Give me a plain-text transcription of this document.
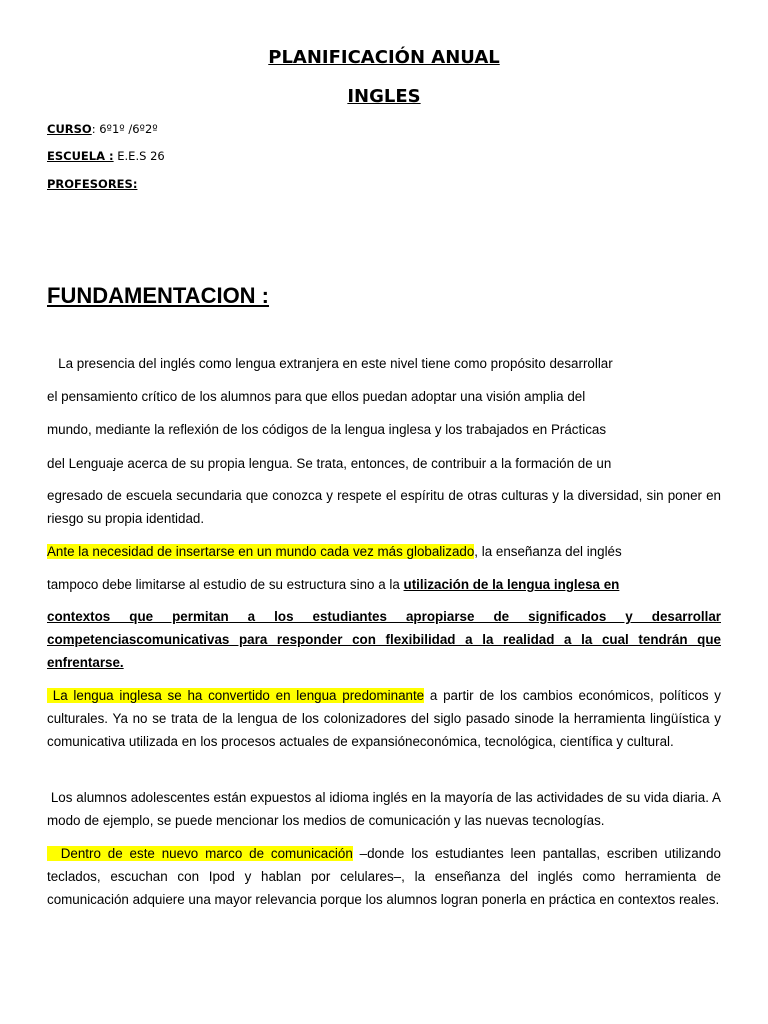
PLANIFICACIÓN ANUAL
INGLES
CURSO: 6º1º /6º2º
ESCUELA : E.E.S 26
PROFESORES:
FUNDAMENTACION :
La presencia del inglés como lengua extranjera en este nivel tiene como propósito desarrollar
el pensamiento crítico de los alumnos para que ellos puedan adoptar una visión amplia del
mundo, mediante la reflexión de los códigos de la lengua inglesa y los trabajados en Prácticas
del Lenguaje acerca de su propia lengua. Se trata, entonces, de contribuir a la formación de un

egresado de escuela secundaria que conozca y respete el espíritu de otras culturas y la diversidad, sin poner en riesgo su propia identidad.

Ante la necesidad de insertarse en un mundo cada vez más globalizado, la enseñanza del inglés
tampoco debe limitarse al estudio de su estructura sino a la utilización de la lengua inglesa en

contextos que permitan a los estudiantes apropiarse de significados y desarrollar competenciascomunicativas para responder con flexibilidad a la realidad a la cual tendrán que enfrentarse.

La lengua inglesa se ha convertido en lengua predominante a partir de los cambios económicos, políticos y culturales. Ya no se trata de la lengua de los colonizadores del siglo pasado sinode la herramienta lingüística y comunicativa utilizada en los procesos actuales de expansióneconómica, tecnológica, científica y cultural.

Los alumnos adolescentes están expuestos al idioma inglés en la mayoría de las actividades de su vida diaria. A modo de ejemplo, se puede mencionar los medios de comunicación y las nuevas tecnologías.

Dentro de este nuevo marco de comunicación –donde los estudiantes leen pantallas, escriben utilizando teclados, escuchan con Ipod y hablan por celulares–, la enseñanza del inglés como herramienta de comunicación adquiere una mayor relevancia porque los alumnos logran ponerla en práctica en contextos reales.
